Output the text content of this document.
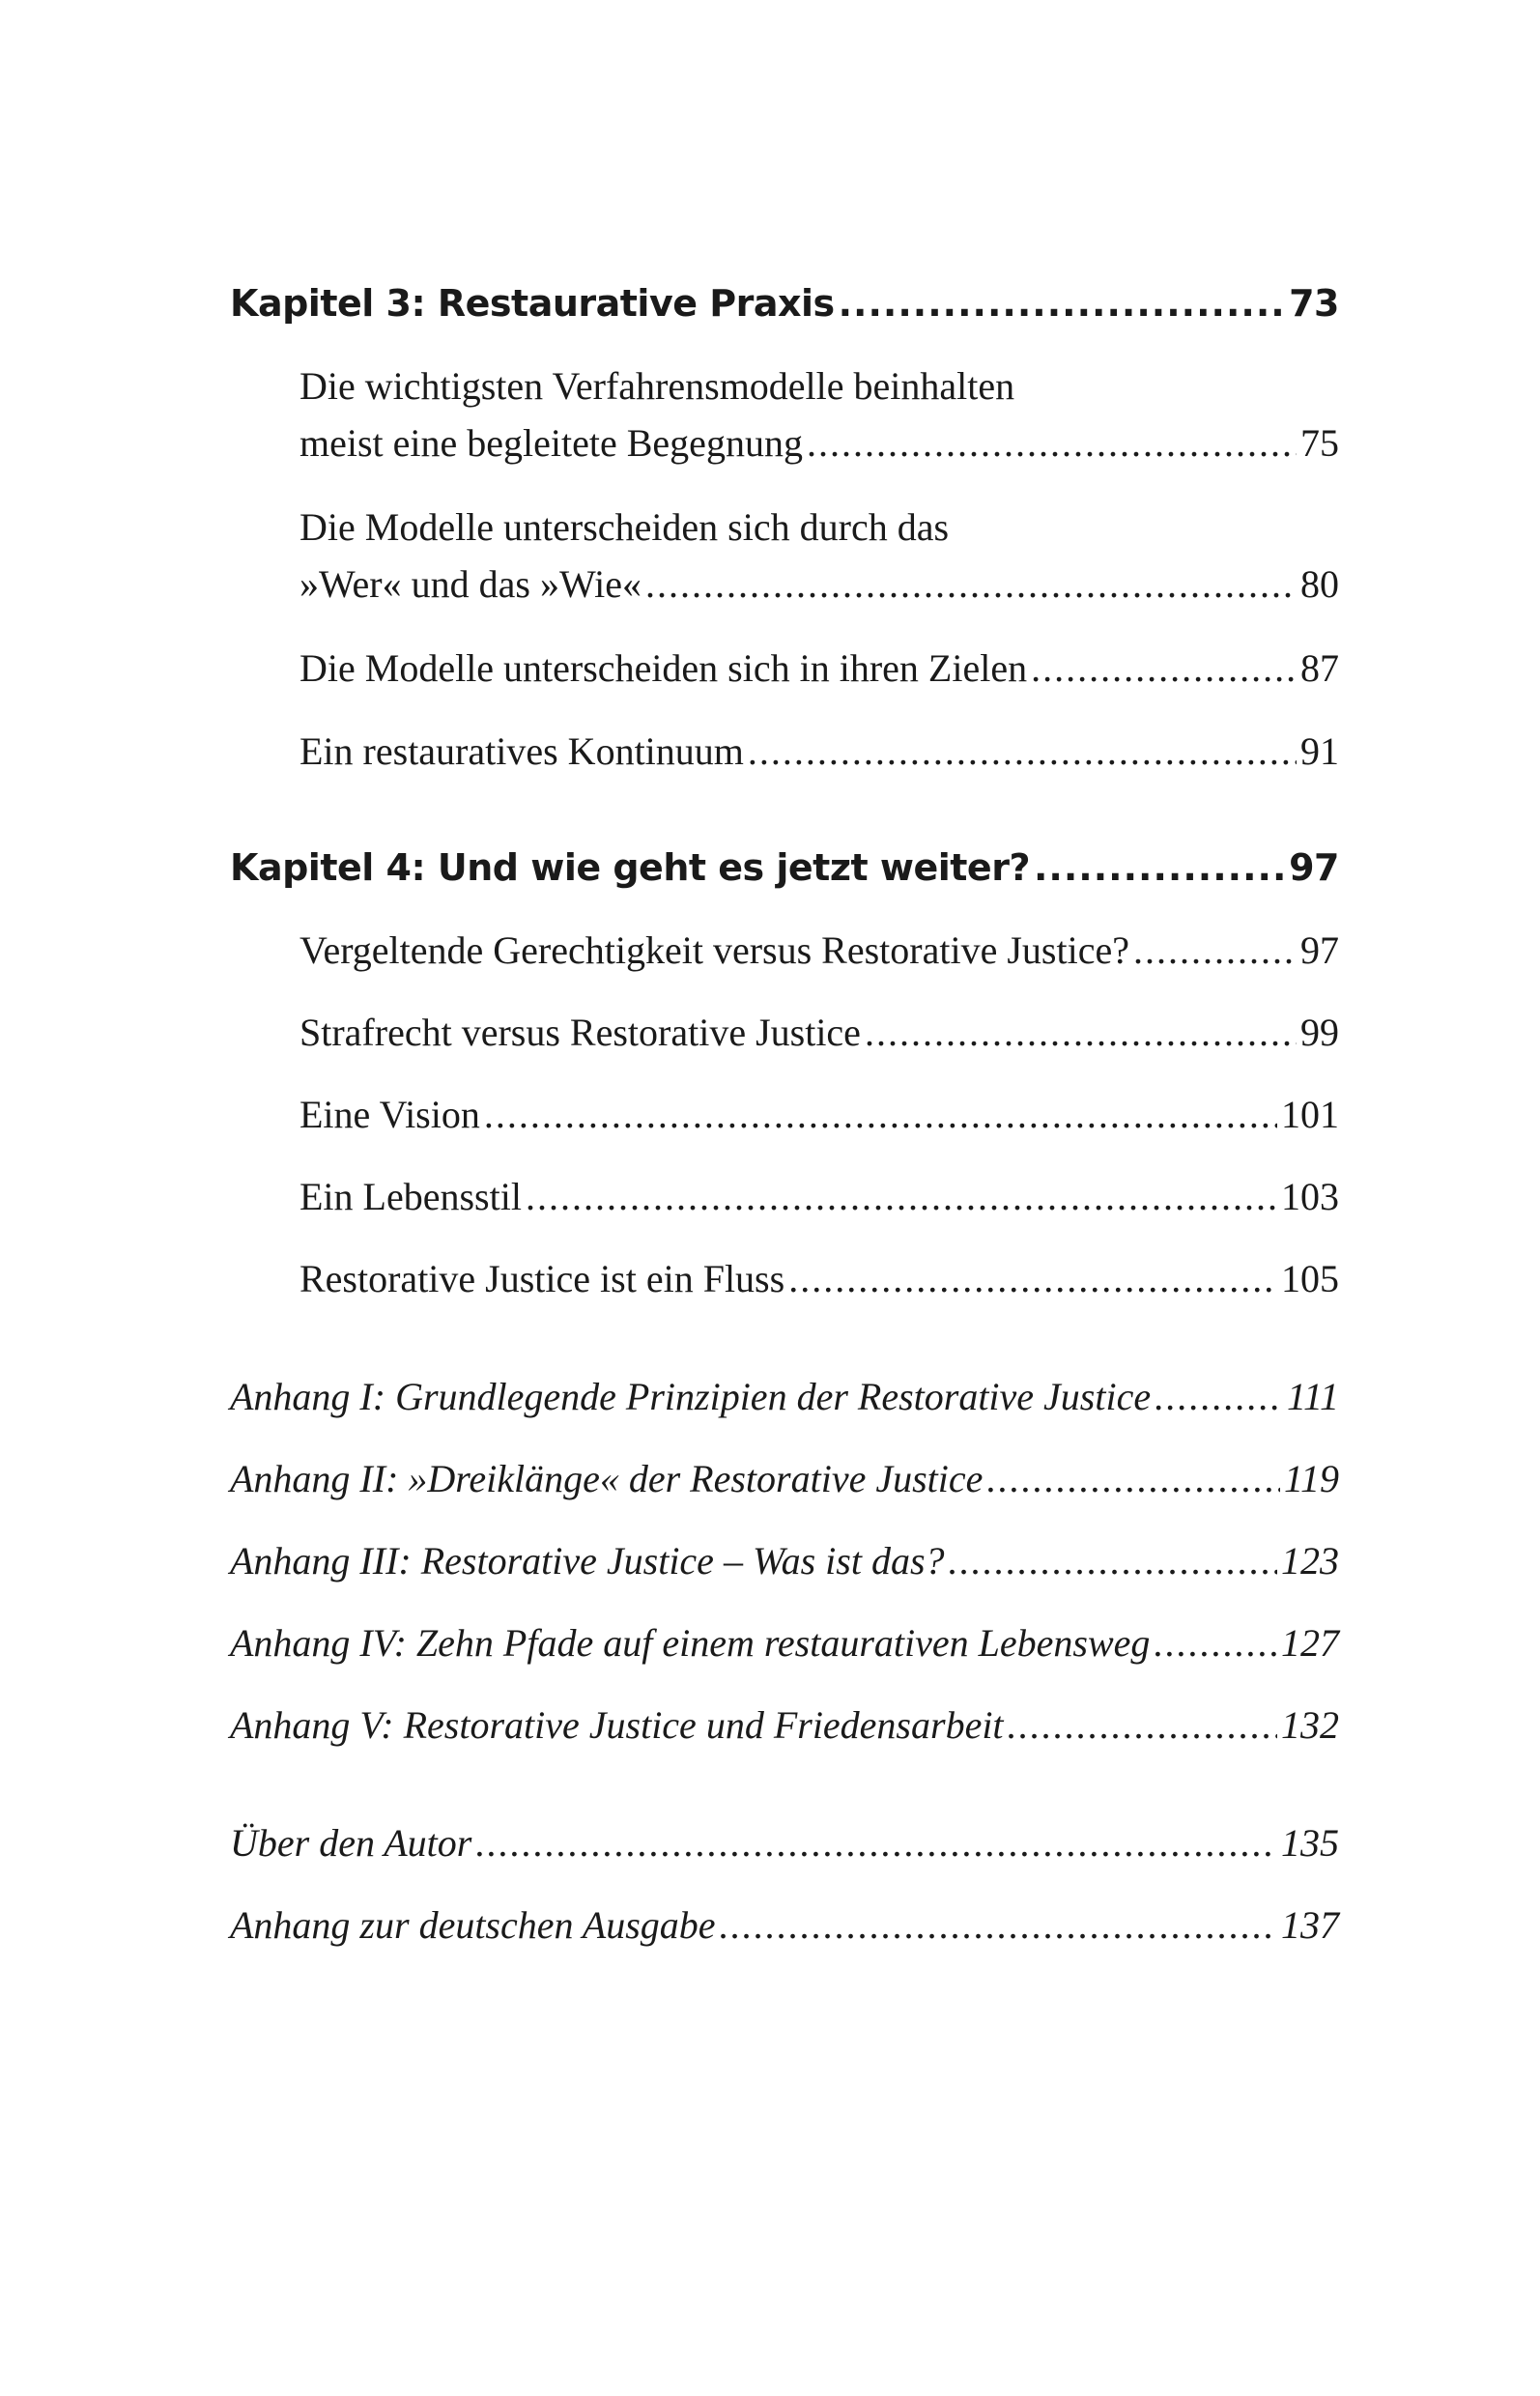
Kapitel 3: Restaurative Praxis .....	73
Die wichtigsten Verfahrensmodelle beinhalten
meist eine begleitete Begegnung .....	75
Die Modelle unterscheiden sich durch das
»Wer« und das »Wie« .....	80
Die Modelle unterscheiden sich in ihren Zielen .....	87
Ein restauratives Kontinuum .....	91
Kapitel 4: Und wie geht es jetzt weiter? .....	97
Vergeltende Gerechtigkeit versus Restorative Justice? .....	97
Strafrecht versus Restorative Justice .....	99
Eine Vision .....	101
Ein Lebensstil .....	103
Restorative Justice ist ein Fluss .....	105
Anhang I: Grundlegende Prinzipien der Restorative Justice .....	111
Anhang II: »Dreiklänge« der Restorative Justice .....	119
Anhang III: Restorative Justice – Was ist das? .....	123
Anhang IV: Zehn Pfade auf einem restaurativen Lebensweg .....	127
Anhang V: Restorative Justice und Friedensarbeit .....	132
Über den Autor .....	135
Anhang zur deutschen Ausgabe .....	137
